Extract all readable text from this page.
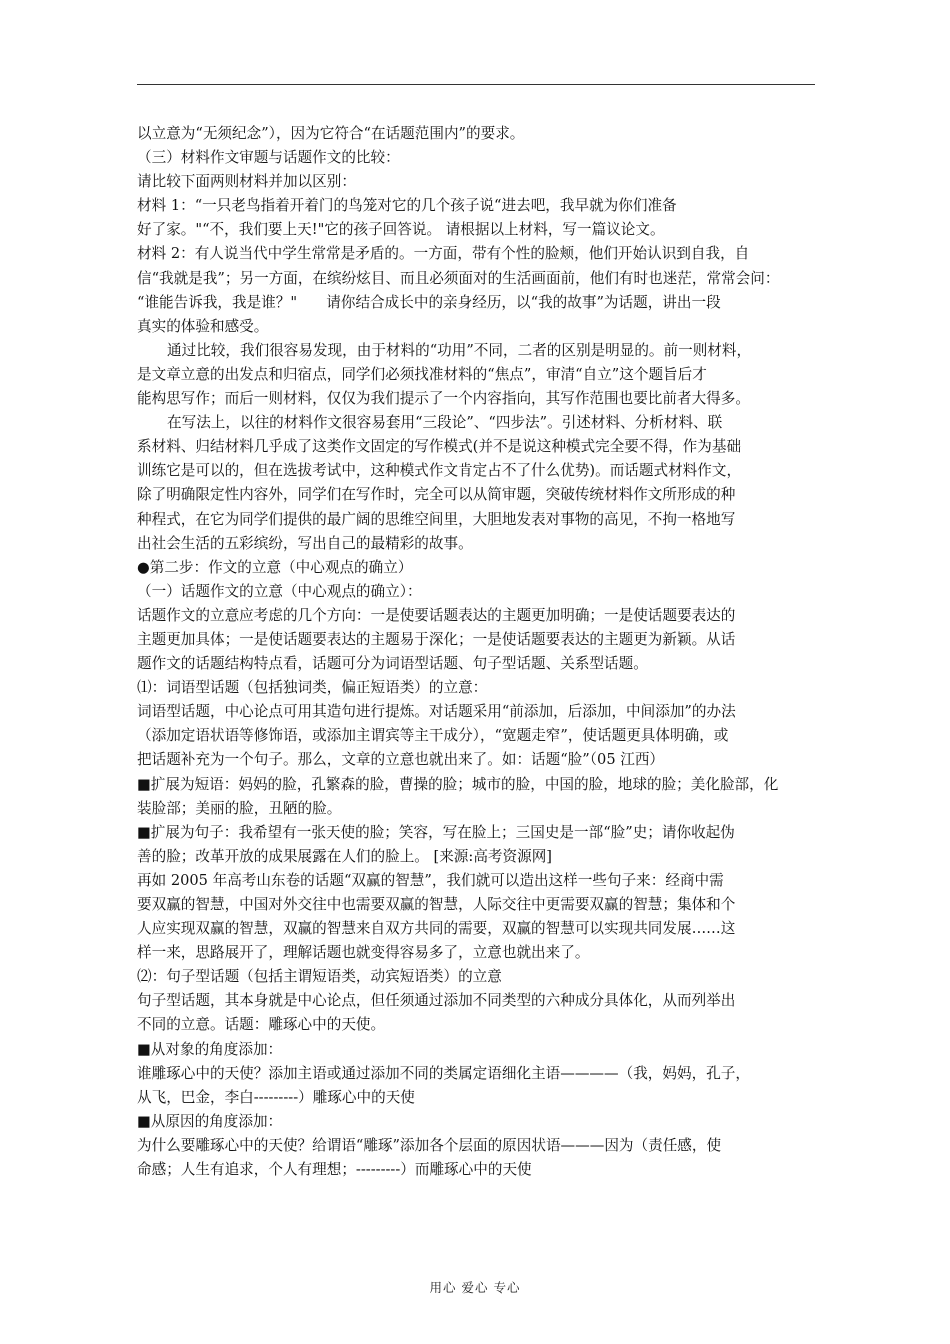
以立意为“无须纪念”），因为它符合“在话题范围内”的要求。
（三）材料作文审题与话题作文的比较：
请比较下面两则材料并加以区别：
材料 1：“一只老鸟指着开着门的鸟笼对它的几个孩子说“进去吧，我早就为你们准备
好了家。"“不，我们要上天!"它的孩子回答说。 请根据以上材料，写一篇议论文。
材料 2：有人说当代中学生常常是矛盾的。一方面，带有个性的脸颊，他们开始认识到自我，自
信“我就是我”；另一方面，在缤纷炫目、而且必须面对的生活画面前，他们有时也迷茫，常常会问：
“谁能告诉我，我是谁？"　　请你结合成长中的亲身经历，以“我的故事”为话题，讲出一段
真实的体验和感受。
通过比较，我们很容易发现，由于材料的“功用”不同，二者的区别是明显的。前一则材料，
是文章立意的出发点和归宿点，同学们必须找准材料的“焦点”，审清“自立”这个题旨后才
能构思写作；而后一则材料，仅仅为我们提示了一个内容指向，其写作范围也要比前者大得多。
在写法上，以往的材料作文很容易套用“三段论”、“四步法”。引述材料、分析材料、联
系材料、归结材料几乎成了这类作文固定的写作模式(并不是说这种模式完全要不得，作为基础
训练它是可以的，但在选拔考试中，这种模式作文肯定占不了什么优势)。而话题式材料作文，
除了明确限定性内容外，同学们在写作时，完全可以从简审题，突破传统材料作文所形成的种
种程式，在它为同学们提供的最广阔的思维空间里，大胆地发表对事物的高见，不拘一格地写
出社会生活的五彩缤纷，写出自己的最精彩的故事。
●第二步：作文的立意（中心观点的确立）
（一）话题作文的立意（中心观点的确立）：
话题作文的立意应考虑的几个方向：一是使要话题表达的主题更加明确；一是使话题要表达的
主题更加具体；一是使话题要表达的主题易于深化；一是使话题要表达的主题更为新颖。从话
题作文的话题结构特点看，话题可分为词语型话题、句子型话题、关系型话题。
⑴：词语型话题（包括独词类，偏正短语类）的立意：
词语型话题，中心论点可用其造句进行提炼。对话题采用“前添加，后添加，中间添加”的办法
（添加定语状语等修饰语，或添加主谓宾等主干成分），“宽题走窄”，使话题更具体明确，或
把话题补充为一个句子。那么，文章的立意也就出来了。如：话题“脸”（05 江西）
■扩展为短语：妈妈的脸，孔繁森的脸，曹操的脸；城市的脸，中国的脸，地球的脸；美化脸部，化
装脸部；美丽的脸，丑陋的脸。
■扩展为句子：我希望有一张天使的脸；笑容，写在脸上；三国史是一部“脸”史；请你收起伪
善的脸；改革开放的成果展露在人们的脸上。 [来源:高考资源网]
再如 2005 年高考山东卷的话题“双赢的智慧”，我们就可以造出这样一些句子来：经商中需
要双赢的智慧，中国对外交往中也需要双赢的智慧，人际交往中更需要双赢的智慧；集体和个
人应实现双赢的智慧，双赢的智慧来自双方共同的需要，双赢的智慧可以实现共同发展……这
样一来，思路展开了，理解话题也就变得容易多了，立意也就出来了。
⑵：句子型话题（包括主谓短语类，动宾短语类）的立意
句子型话题，其本身就是中心论点，但任须通过添加不同类型的六种成分具体化，从而列举出
不同的立意。话题：雕琢心中的天使。
■从对象的角度添加：
谁雕琢心中的天使？添加主语或通过添加不同的类属定语细化主语————（我，妈妈，孔子，
从飞，巴金，李白---------）雕琢心中的天使
■从原因的角度添加：
为什么要雕琢心中的天使？给谓语“雕琢”添加各个层面的原因状语———因为（责任感，使
命感；人生有追求，个人有理想；---------）而雕琢心中的天使
用心 爱心 专心
